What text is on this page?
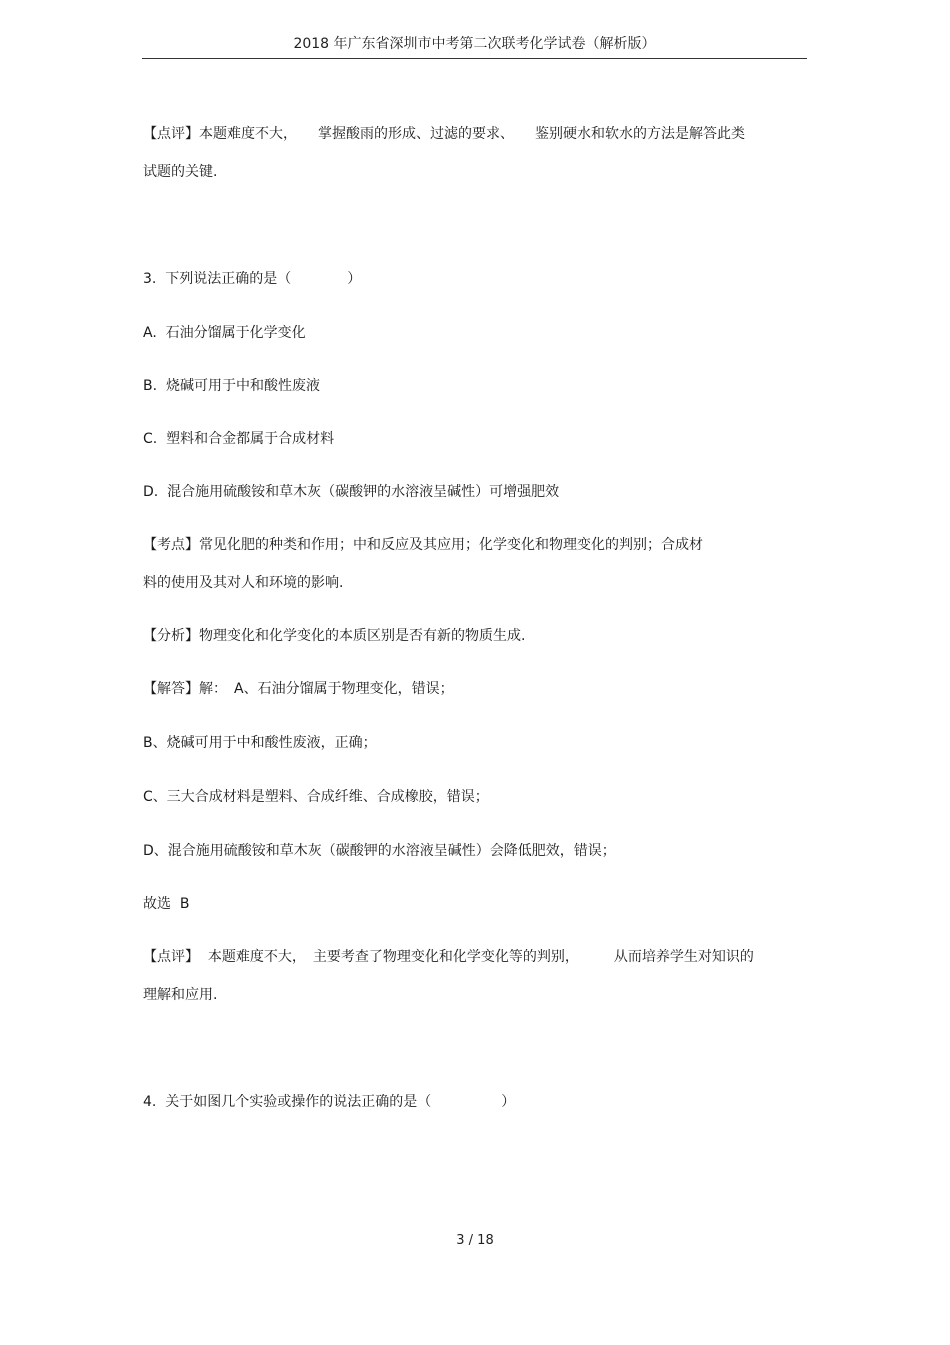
2018 年广东省深圳市中考第二次联考化学试卷（解析版）
【点评】本题难度不大，　　掌握酸雨的形成、过滤的要求、　　鉴别硬水和软水的方法是解答此类
试题的关键.
3.  下列说法正确的是（　　　　）
A.  石油分馏属于化学变化
B.  烧碱可用于中和酸性废液
C.  塑料和合金都属于合成材料
D.  混合施用硫酸铵和草木灰（碳酸钾的水溶液呈碱性）可增强肥效
【考点】常见化肥的种类和作用；中和反应及其应用；化学变化和物理变化的判别；合成材
料的使用及其对人和环境的影响.
【分析】物理变化和化学变化的本质区别是否有新的物质生成.
【解答】解：　A、石油分馏属于物理变化，错误；
B、烧碱可用于中和酸性废液，正确；
C、三大合成材料是塑料、合成纤维、合成橡胶，错误；
D、混合施用硫酸铵和草木灰（碳酸钾的水溶液呈碱性）会降低肥效，错误；
故选  B
【点评】  本题难度不大，　主要考查了物理变化和化学变化等的判别，　　　从而培养学生对知识的
理解和应用.
4.  关于如图几个实验或操作的说法正确的是（　　　　　）
3 / 18
